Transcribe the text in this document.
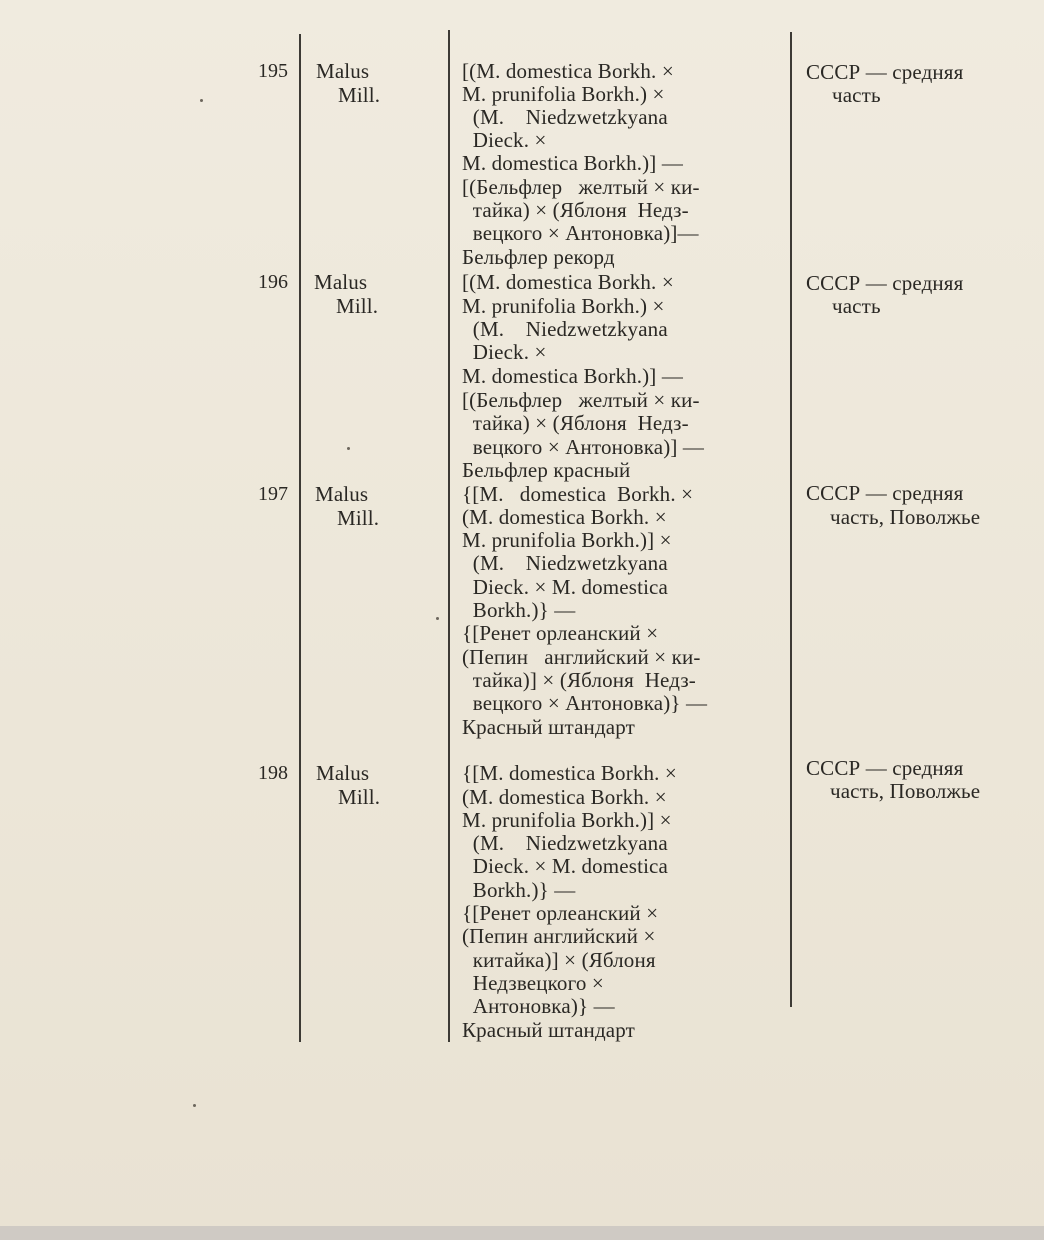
195 Malus
Mill.
[(M. domestica Borkh. ×
M. prunifolia Borkh.) ×
(M.    Niedzwetzkyana
Dieck. ×
M. domestica Borkh.)] —
[(Бельфлер   желтый × ки-
тайка) × (Яблоня  Недз-
вецкого × Антоновка)]—
Бельфлер рекорд
СССР — средняя
часть
196 Malus
Mill.
[(M. domestica Borkh. ×
M. prunifolia Borkh.) ×
(M.    Niedzwetzkyana
Dieck. ×
M. domestica Borkh.)] —
[(Бельфлер   желтый × ки-
тайка) × (Яблоня  Недз-
вецкого × Антоновка)] —
Бельфлер красный
СССР — средняя
часть
197 Malus
Mill.
{[M.   domestica  Borkh. ×
(M. domestica Borkh. ×
M. prunifolia Borkh.)] ×
(M.    Niedzwetzkyana
Dieck. × M. domestica
Borkh.)} —
{[Ренет орлеанский ×
(Пепин   английский × ки-
тайка)] × (Яблоня  Недз-
вецкого × Антоновка)} —
Красный штандарт
СССР — средняя
часть, Поволжье
198 Malus
Mill.
{[M. domestica Borkh. ×
(M. domestica Borkh. ×
M. prunifolia Borkh.)] ×
(M.    Niedzwetzkyana
Dieck. × M. domestica
Borkh.)} —
{[Ренет орлеанский ×
(Пепин английский ×
китайка)] × (Яблоня
Недзвецкого ×
Антоновка)} —
Красный штандарт
СССР — средняя
часть, Поволжье
